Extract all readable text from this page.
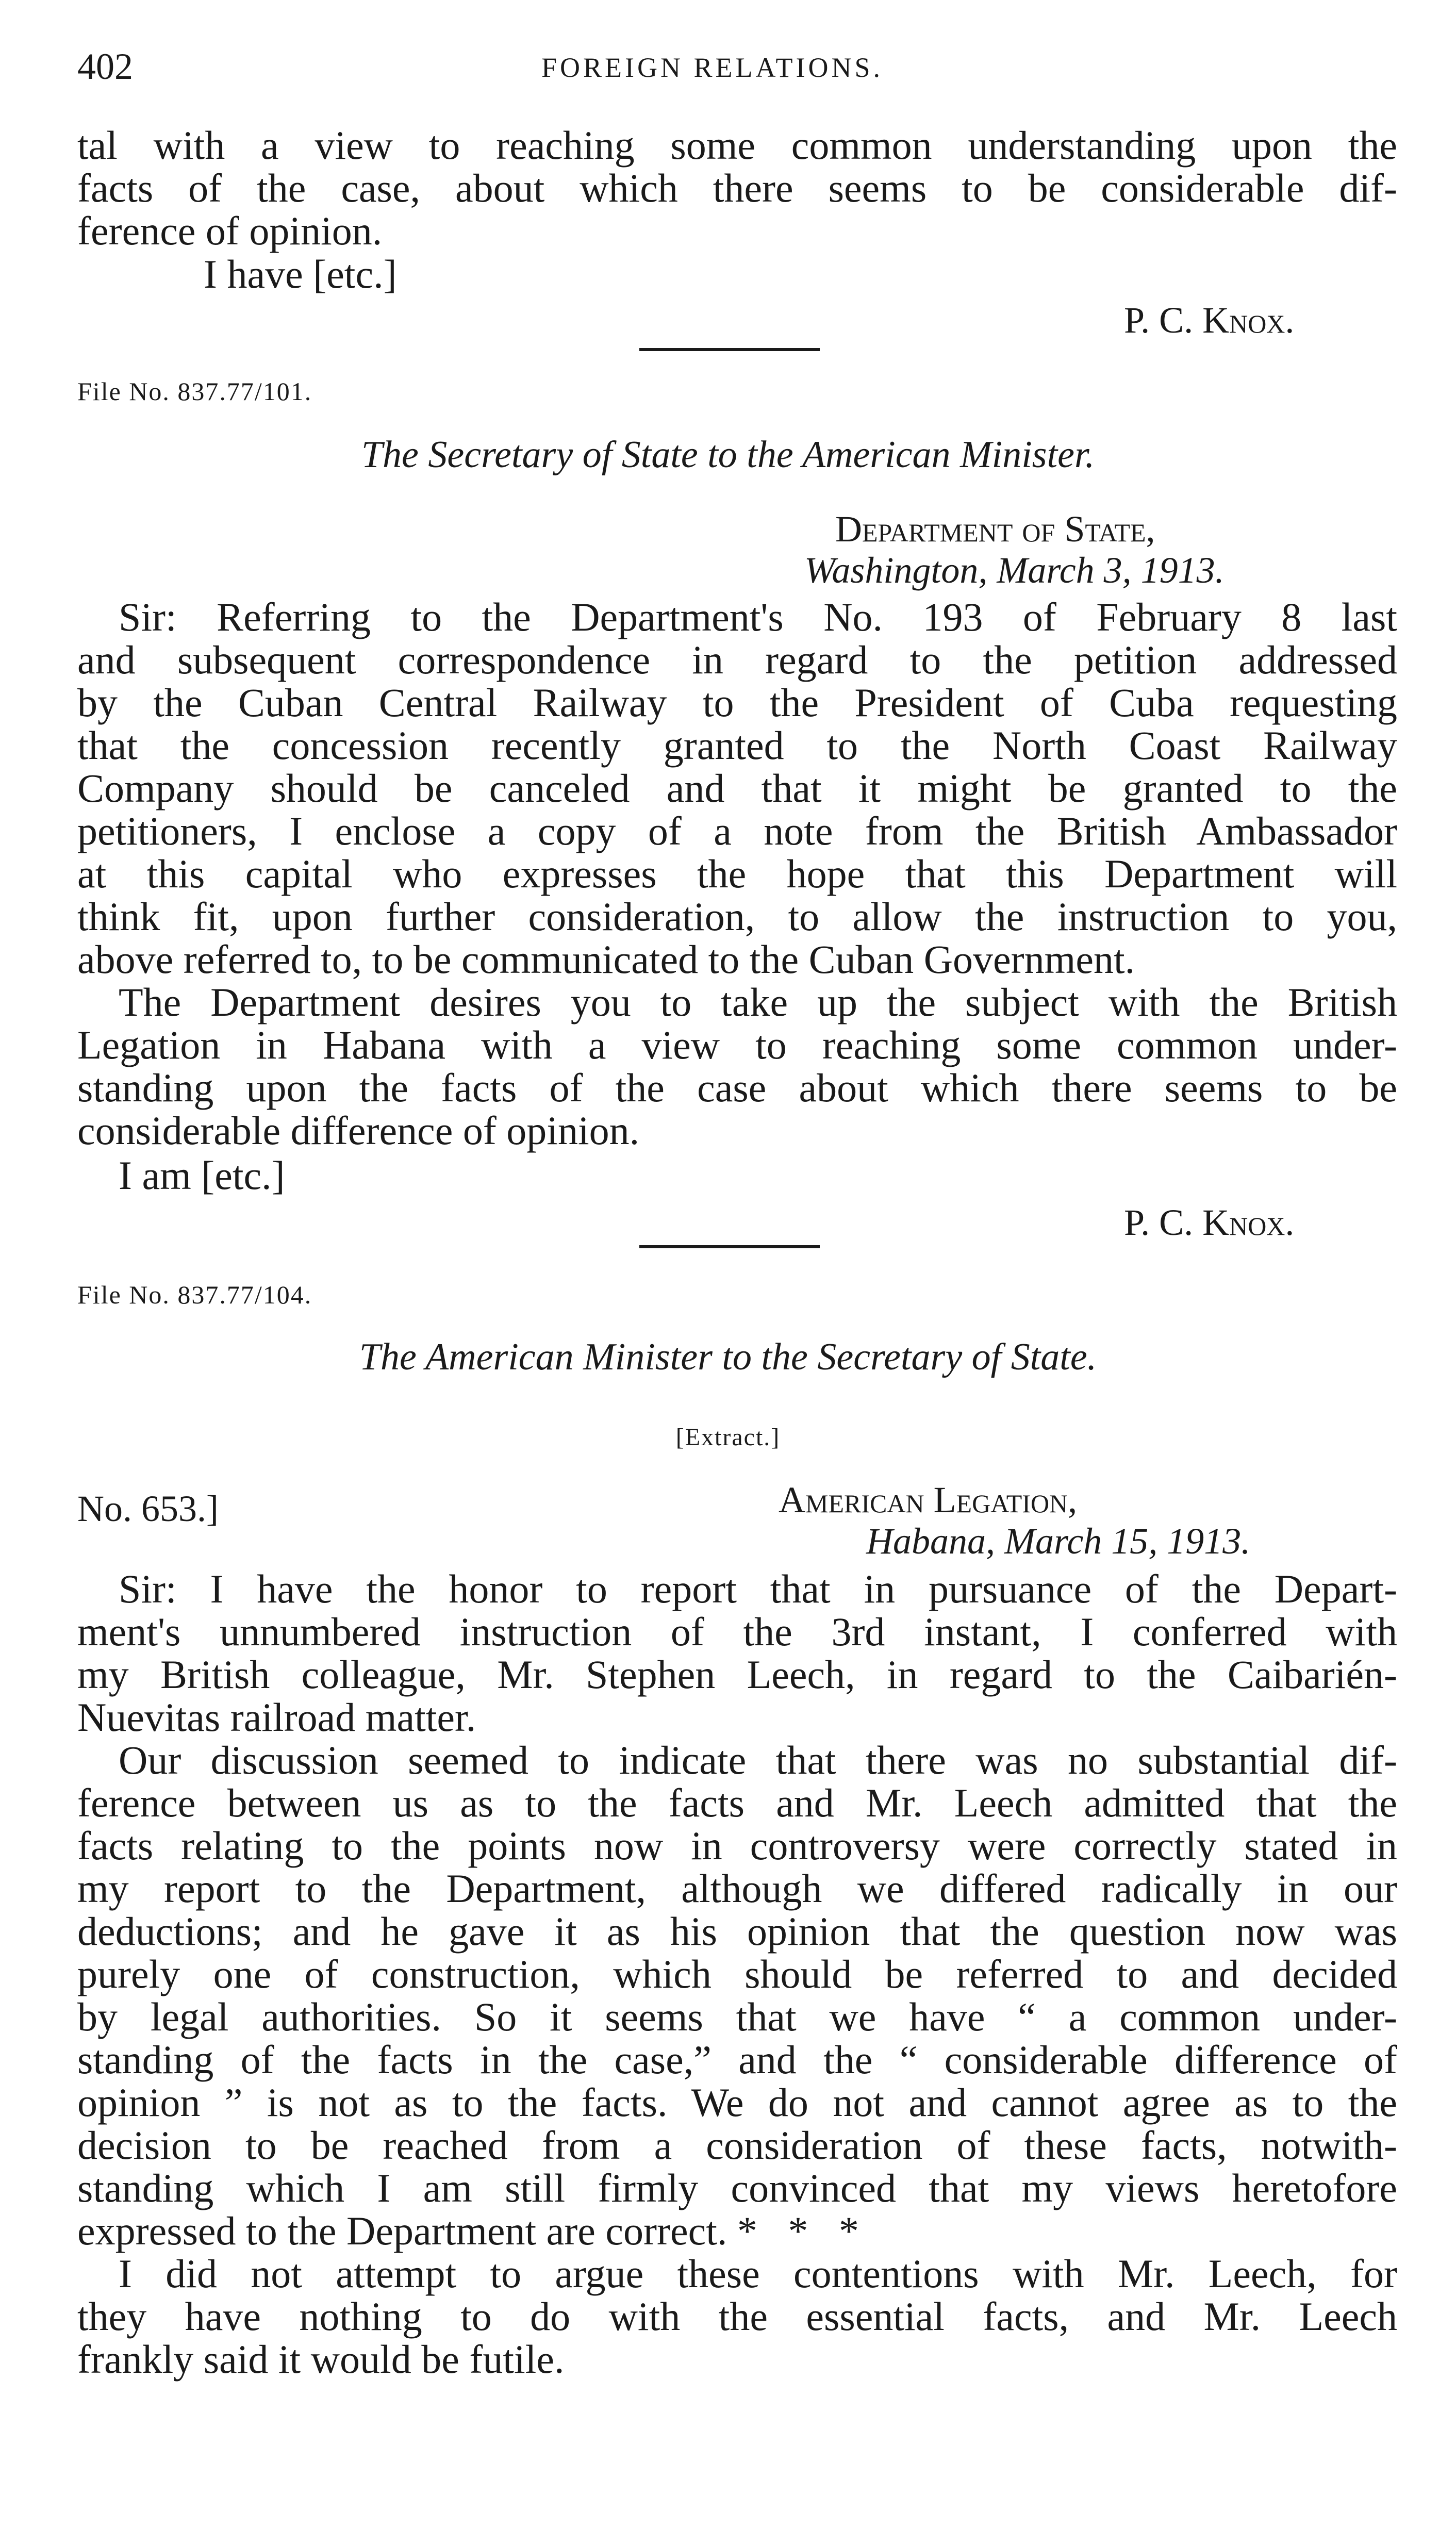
402	FOREIGN RELATIONS.
tal with a view to reaching some common understanding upon the
facts of the case, about which there seems to be considerable dif-
ference of opinion.
I have [etc.]
P. C. Knox.
File No. 837.77/101.
The Secretary of State to the American Minister.
Department of State,
Washington, March 3, 1913.
Sir: Referring to the Department's No. 193 of February 8 last
and subsequent correspondence in regard to the petition addressed
by the Cuban Central Railway to the President of Cuba requesting
that the concession recently granted to the North Coast Railway
Company should be canceled and that it might be granted to the
petitioners, I enclose a copy of a note from the British Ambassador
at this capital who expresses the hope that this Department will
think fit, upon further consideration, to allow the instruction to you,
above referred to, to be communicated to the Cuban Government.
The Department desires you to take up the subject with the British
Legation in Habana with a view to reaching some common under-
standing upon the facts of the case about which there seems to be
considerable difference of opinion.
I am [etc.]
P. C. Knox.
File No. 837.77/104.
The American Minister to the Secretary of State.
[Extract.]
No. 653.]	American Legation,
Habana, March 15, 1913.
Sir: I have the honor to report that in pursuance of the Depart-
ment's unnumbered instruction of the 3rd instant, I conferred with
my British colleague, Mr. Stephen Leech, in regard to the Caibarién-
Nuevitas railroad matter.
Our discussion seemed to indicate that there was no substantial dif-
ference between us as to the facts and Mr. Leech admitted that the
facts relating to the points now in controversy were correctly stated in
my report to the Department, although we differed radically in our
deductions; and he gave it as his opinion that the question now was
purely one of construction, which should be referred to and decided
by legal authorities. So it seems that we have “ a common under-
standing of the facts in the case,” and the “ considerable difference of
opinion ” is not as to the facts. We do not and cannot agree as to the
decision to be reached from a consideration of these facts, notwith-
standing which I am still firmly convinced that my views heretofore
expressed to the Department are correct. * * *
I did not attempt to argue these contentions with Mr. Leech, for
they have nothing to do with the essential facts, and Mr. Leech
frankly said it would be futile.
